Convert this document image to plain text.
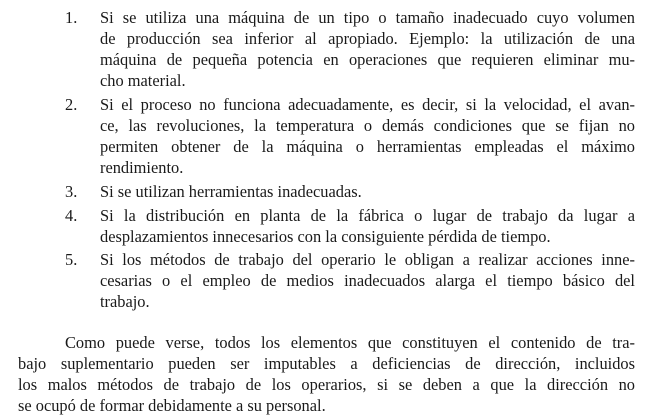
1.	Si se utiliza una máquina de un tipo o tamaño inadecuado cuyo volumen
de producción sea inferior al apropiado. Ejemplo: la utilización de una
máquina de pequeña potencia en operaciones que requieren eliminar mu-
cho material.
2.	Si el proceso no funciona adecuadamente, es decir, si la velocidad, el avan-
ce, las revoluciones, la temperatura o demás condiciones que se fijan no
permiten obtener de la máquina o herramientas empleadas el máximo
rendimiento.
3.	Si se utilizan herramientas inadecuadas.
4.	Si la distribución en planta de la fábrica o lugar de trabajo da lugar a
desplazamientos innecesarios con la consiguiente pérdida de tiempo.
5.	Si los métodos de trabajo del operario le obligan a realizar acciones inne-
cesarias o el empleo de medios inadecuados alarga el tiempo básico del
trabajo.
Como puede verse, todos los elementos que constituyen el contenido de tra-
bajo suplementario pueden ser imputables a deficiencias de dirección, incluidos
los malos métodos de trabajo de los operarios, si se deben a que la dirección no
se ocupó de formar debidamente a su personal.
